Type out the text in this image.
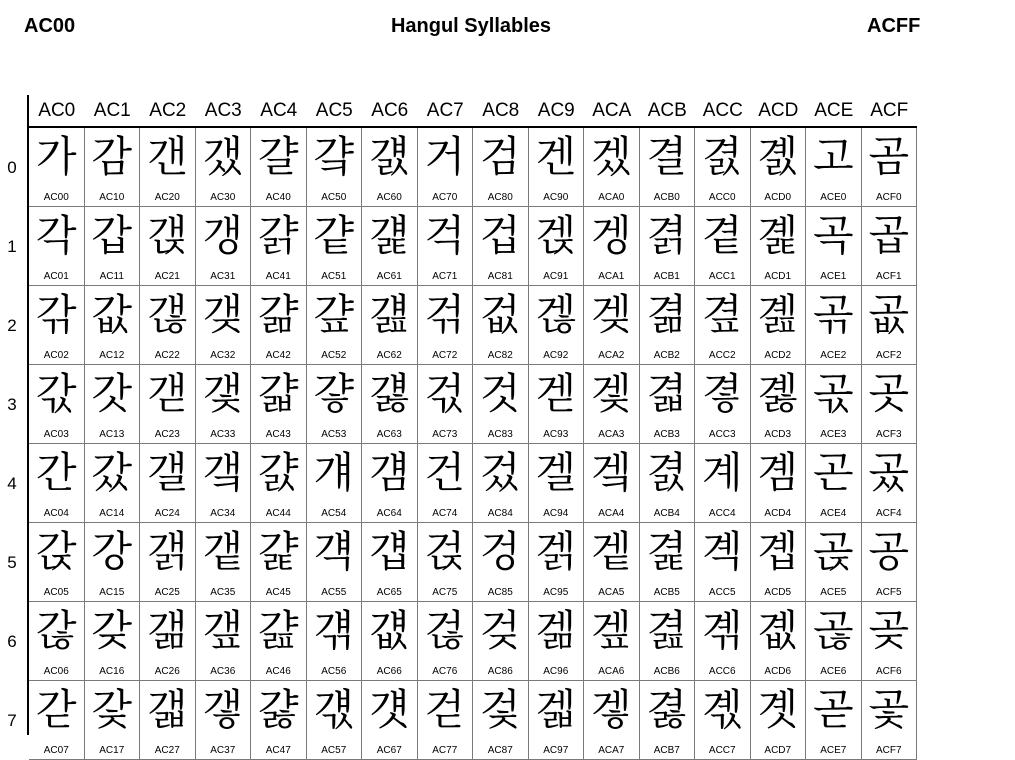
AC00	Hangul Syllables	ACFF
AC0 AC1 AC2 AC3 AC4 AC5 AC6 AC7 AC8 AC9 ACA ACB ACC ACD ACE ACF
가
AC00
감
AC10
갠
AC20
갰
AC30
걀
AC40
걐
AC50
걠
AC60
거
AC70
검
AC80
겐
AC90
겠
ACA0
결
ACB0
겴
ACC0
곐
ACD0
고
ACE0
곰
ACF0
각
AC01
갑
AC11
갡
AC21
갱
AC31
걁
AC41
걑
AC51
걡
AC61
걱
AC71
겁
AC81
겑
AC91
겡
ACA1
겱
ACB1
곁
ACC1
곑
ACD1
곡
ACE1
곱
ACF1
갂
AC02
값
AC12
갢
AC22
갲
AC32
걂
AC42
걒
AC52
걢
AC62
걲
AC72
겂
AC82
겒
AC92
겢
ACA2
겲
ACB2
곂
ACC2
곒
ACD2
곢
ACE2
곲
ACF2
갃
AC03
갓
AC13
갣
AC23
갳
AC33
걃
AC43
걓
AC53
걣
AC63
걳
AC73
것
AC83
겓
AC93
겣
ACA3
겳
ACB3
곃
ACC3
곓
ACD3
곣
ACE3
곳
ACF3
간
AC04
갔
AC14
갤
AC24
갴
AC34
걄
AC44
걔
AC54
걤
AC64
건
AC74
겄
AC84
겔
AC94
겤
ACA4
겴
ACB4
계
ACC4
곔
ACD4
곤
ACE4
곴
ACF4
갅
AC05
강
AC15
갥
AC25
갵
AC35
걅
AC45
걕
AC55
걥
AC65
걵
AC75
겅
AC85
겕
AC95
겥
ACA5
겵
ACB5
곅
ACC5
곕
ACD5
곥
ACE5
공
ACF5
갆
AC06
갖
AC16
갦
AC26
갶
AC36
걆
AC46
걖
AC56
걦
AC66
걶
AC76
겆
AC86
겖
AC96
겦
ACA6
겶
ACB6
곆
ACC6
곖
ACD6
곦
ACE6
곶
ACF6
갇
AC07
갗
AC17
갧
AC27
갷
AC37
걇
AC47
걗
AC57
걧
AC67
걷
AC77
겇
AC87
겗
AC97
겧
ACA7
겷
ACB7
곇
ACC7
곗
ACD7
곧
ACE7
곷
ACF7
0
1
2
3
4
5
6
7
